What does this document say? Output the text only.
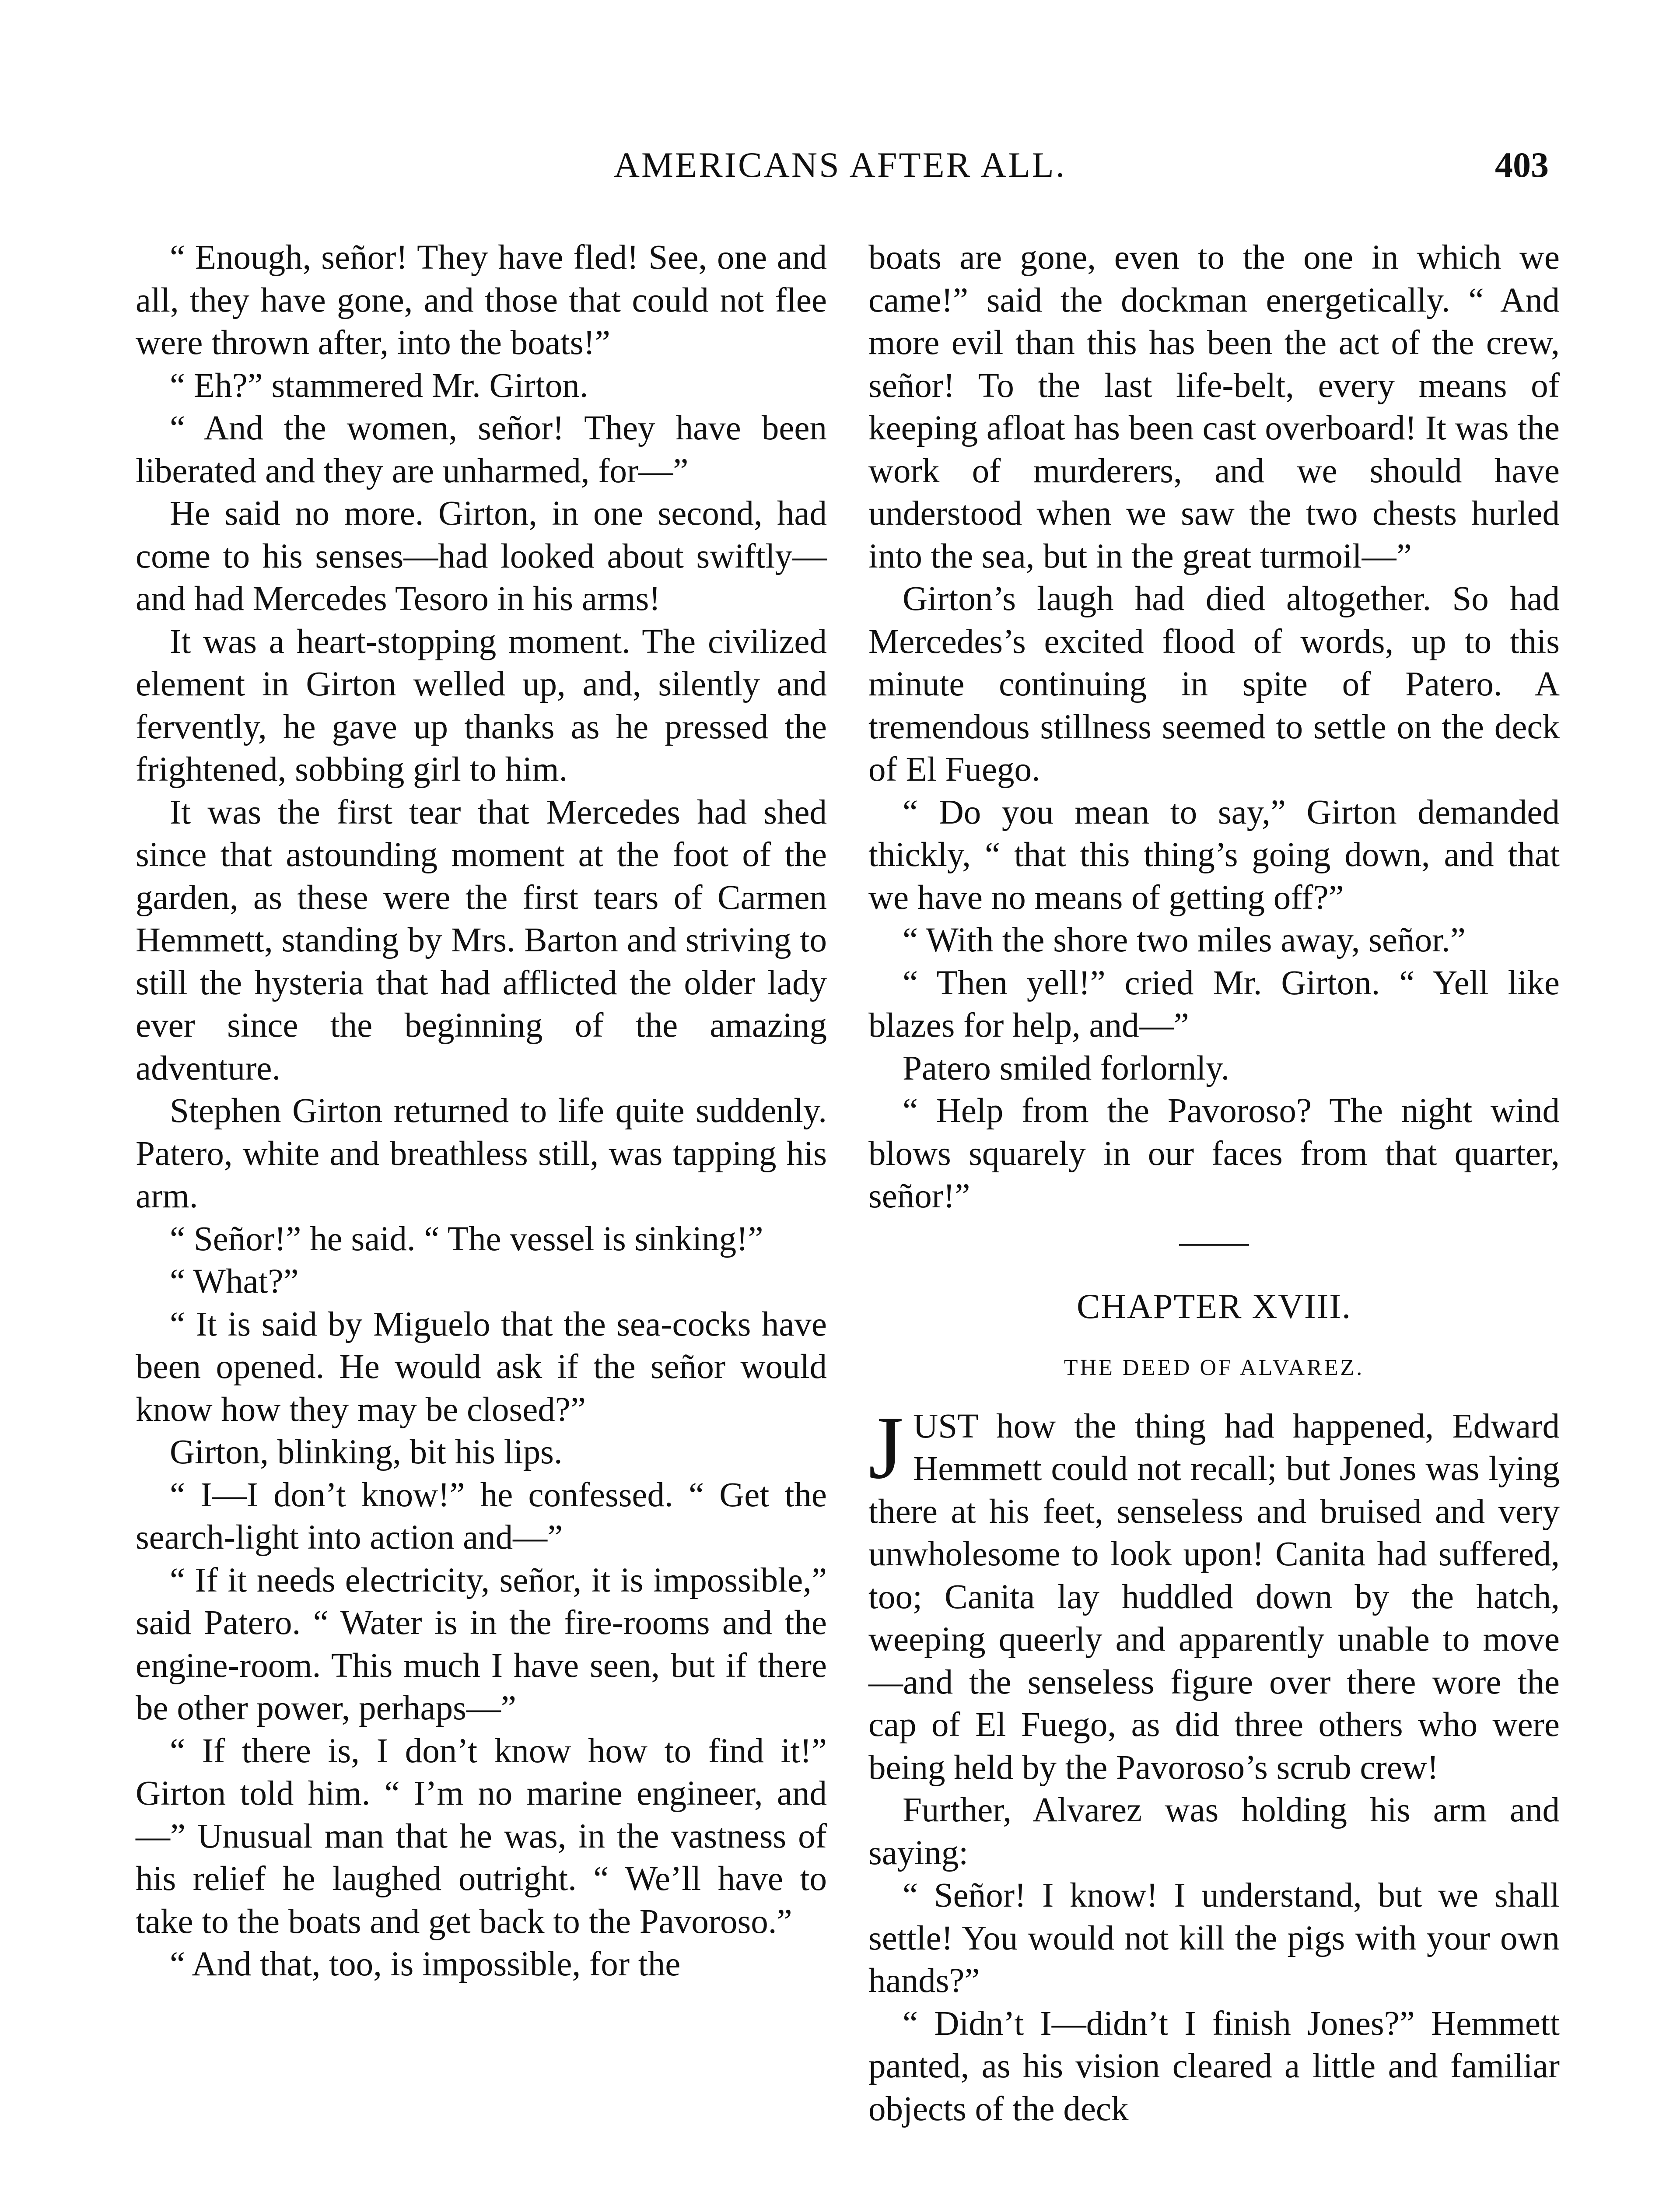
AMERICANS AFTER ALL.	403

“ Enough, señor! They have fled! See, one and all, they have gone, and those that could not flee were thrown after, into the boats!”

“ Eh?” stammered Mr. Girton.

“ And the women, señor! They have been liberated and they are unharmed, for—”

He said no more. Girton, in one second, had come to his senses—had looked about swiftly—and had Mercedes Tesoro in his arms!

It was a heart-stopping moment. The civilized element in Girton welled up, and, silently and fervently, he gave up thanks as he pressed the frightened, sobbing girl to him.

It was the first tear that Mercedes had shed since that astounding moment at the foot of the garden, as these were the first tears of Carmen Hemmett, standing by Mrs. Barton and striving to still the hysteria that had afflicted the older lady ever since the beginning of the amazing adventure.

Stephen Girton returned to life quite suddenly. Patero, white and breathless still, was tapping his arm.

“ Señor!” he said. “ The vessel is sinking!”

“ What?”

“ It is said by Miguelo that the sea-cocks have been opened. He would ask if the señor would know how they may be closed?”

Girton, blinking, bit his lips.

“ I—I don’t know!” he confessed. “ Get the search-light into action and—”

“ If it needs electricity, señor, it is impossible,” said Patero. “ Water is in the fire-rooms and the engine-room. This much I have seen, but if there be other power, perhaps—”

“ If there is, I don’t know how to find it!” Girton told him. “ I’m no marine engineer, and—” Unusual man that he was, in the vastness of his relief he laughed outright. “ We’ll have to take to the boats and get back to the Pavoroso.”

“ And that, too, is impossible, for the

boats are gone, even to the one in which we came!” said the dockman energetically. “ And more evil than this has been the act of the crew, señor! To the last life-belt, every means of keeping afloat has been cast overboard! It was the work of murderers, and we should have understood when we saw the two chests hurled into the sea, but in the great turmoil—”

Girton’s laugh had died altogether. So had Mercedes’s excited flood of words, up to this minute continuing in spite of Patero. A tremendous stillness seemed to settle on the deck of El Fuego.

“ Do you mean to say,” Girton demanded thickly, “ that this thing’s going down, and that we have no means of getting off?”

“ With the shore two miles away, señor.”

“ Then yell!” cried Mr. Girton. “ Yell like blazes for help, and—”

Patero smiled forlornly.

“ Help from the Pavoroso? The night wind blows squarely in our faces from that quarter, señor!”

CHAPTER XVIII.

THE DEED OF ALVAREZ.

JUST how the thing had happened, Edward Hemmett could not recall; but Jones was lying there at his feet, senseless and bruised and very unwholesome to look upon! Canita had suffered, too; Canita lay huddled down by the hatch, weeping queerly and apparently unable to move—and the senseless figure over there wore the cap of El Fuego, as did three others who were being held by the Pavoroso’s scrub crew!

Further, Alvarez was holding his arm and saying:

“ Señor! I know! I understand, but we shall settle! You would not kill the pigs with your own hands?”

“ Didn’t I—didn’t I finish Jones?” Hemmett panted, as his vision cleared a little and familiar objects of the deck
